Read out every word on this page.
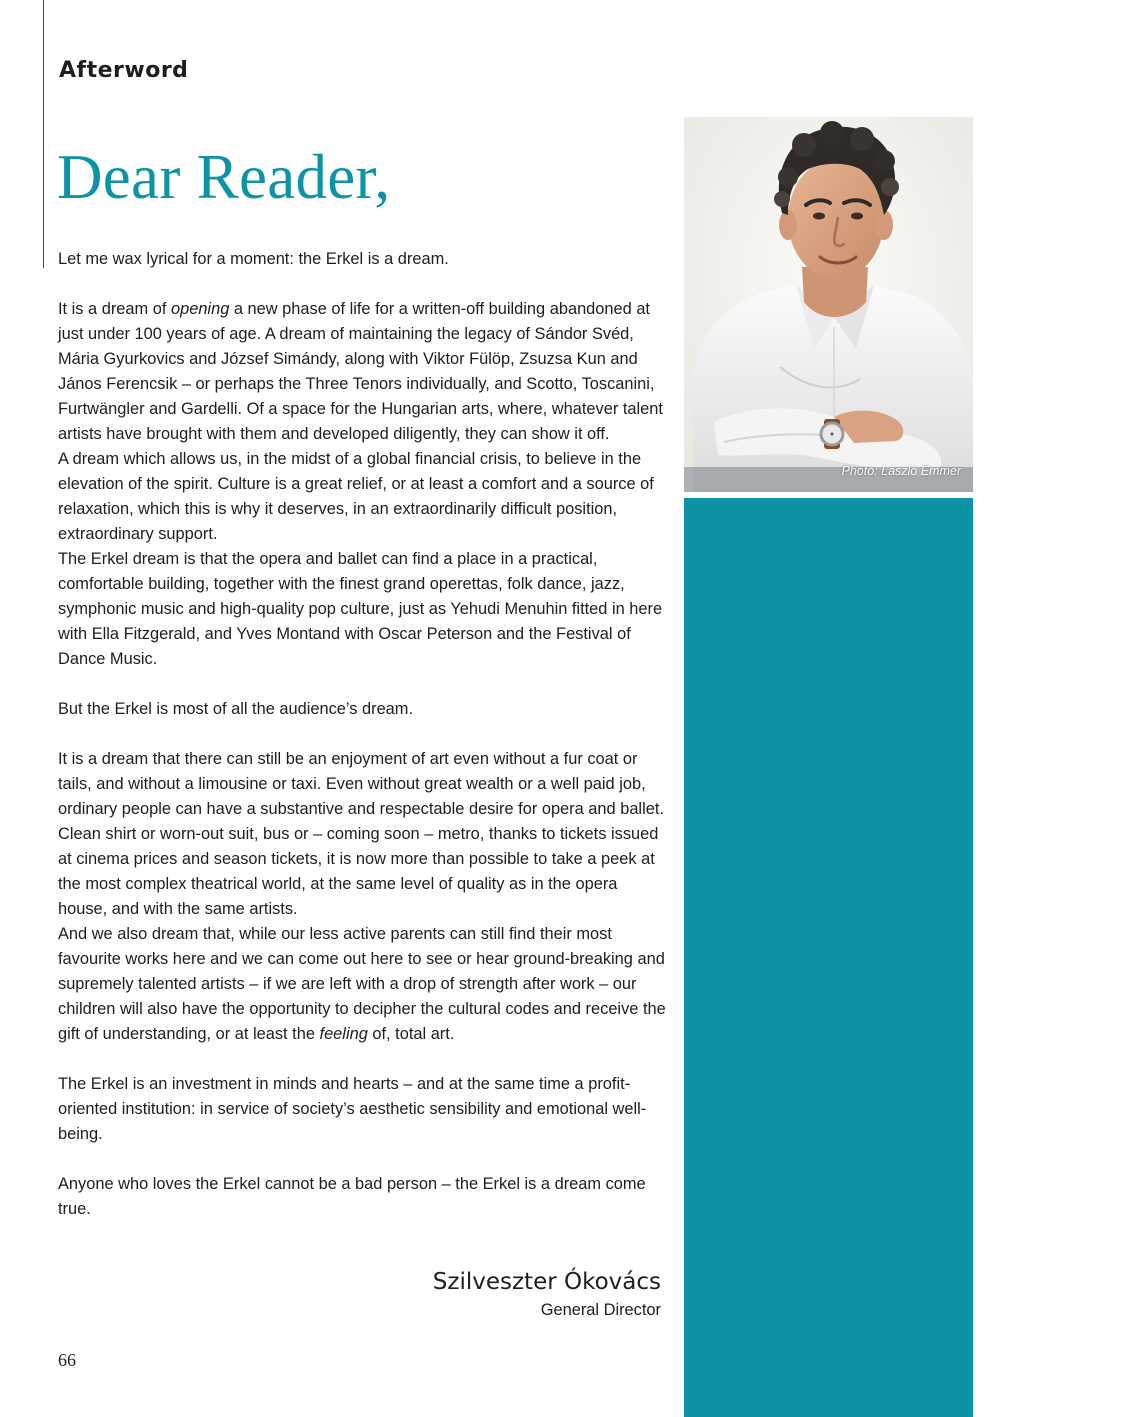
Afterword
Dear Reader,

Let me wax lyrical for a moment: the Erkel is a dream.

It is a dream of opening a new phase of life for a written-off building abandoned at just under 100 years of age. A dream of maintaining the legacy of Sándor Svéd, Mária Gyurkovics and József Simándy, along with Viktor Fülöp, Zsuzsa Kun and János Ferencsik – or perhaps the Three Tenors individually, and Scotto, Toscanini, Furtwängler and Gardelli. Of a space for the Hungarian arts, where, whatever talent artists have brought with them and developed diligently, they can show it off.

A dream which allows us, in the midst of a global financial crisis, to believe in the elevation of the spirit. Culture is a great relief, or at least a comfort and a source of relaxation, which this is why it deserves, in an extraordinarily difficult position, extraordinary support.

The Erkel dream is that the opera and ballet can find a place in a practical, comfortable building, together with the finest grand operettas, folk dance, jazz, symphonic music and high-quality pop culture, just as Yehudi Menuhin fitted in here with Ella Fitzgerald, and Yves Montand with Oscar Peterson and the Festival of Dance Music.

But the Erkel is most of all the audience’s dream.

It is a dream that there can still be an enjoyment of art even without a fur coat or tails, and without a limousine or taxi. Even without great wealth or a well paid job, ordinary people can have a substantive and respectable desire for opera and ballet. Clean shirt or worn-out suit, bus or – coming soon – metro, thanks to tickets issued at cinema prices and season tickets, it is now more than possible to take a peek at the most complex theatrical world, at the same level of quality as in the opera house, and with the same artists.

And we also dream that, while our less active parents can still find their most favourite works here and we can come out here to see or hear ground-breaking and supremely talented artists – if we are left with a drop of strength after work – our children will also have the opportunity to decipher the cultural codes and receive the gift of understanding, or at least the feeling of, total art.

The Erkel is an investment in minds and hearts – and at the same time a profit-oriented institution: in service of society’s aesthetic sensibility and emotional well-being.

Anyone who loves the Erkel cannot be a bad person – the Erkel is a dream come true.

Szilveszter Ókovács
General Director
66
Photo: László Emmer
